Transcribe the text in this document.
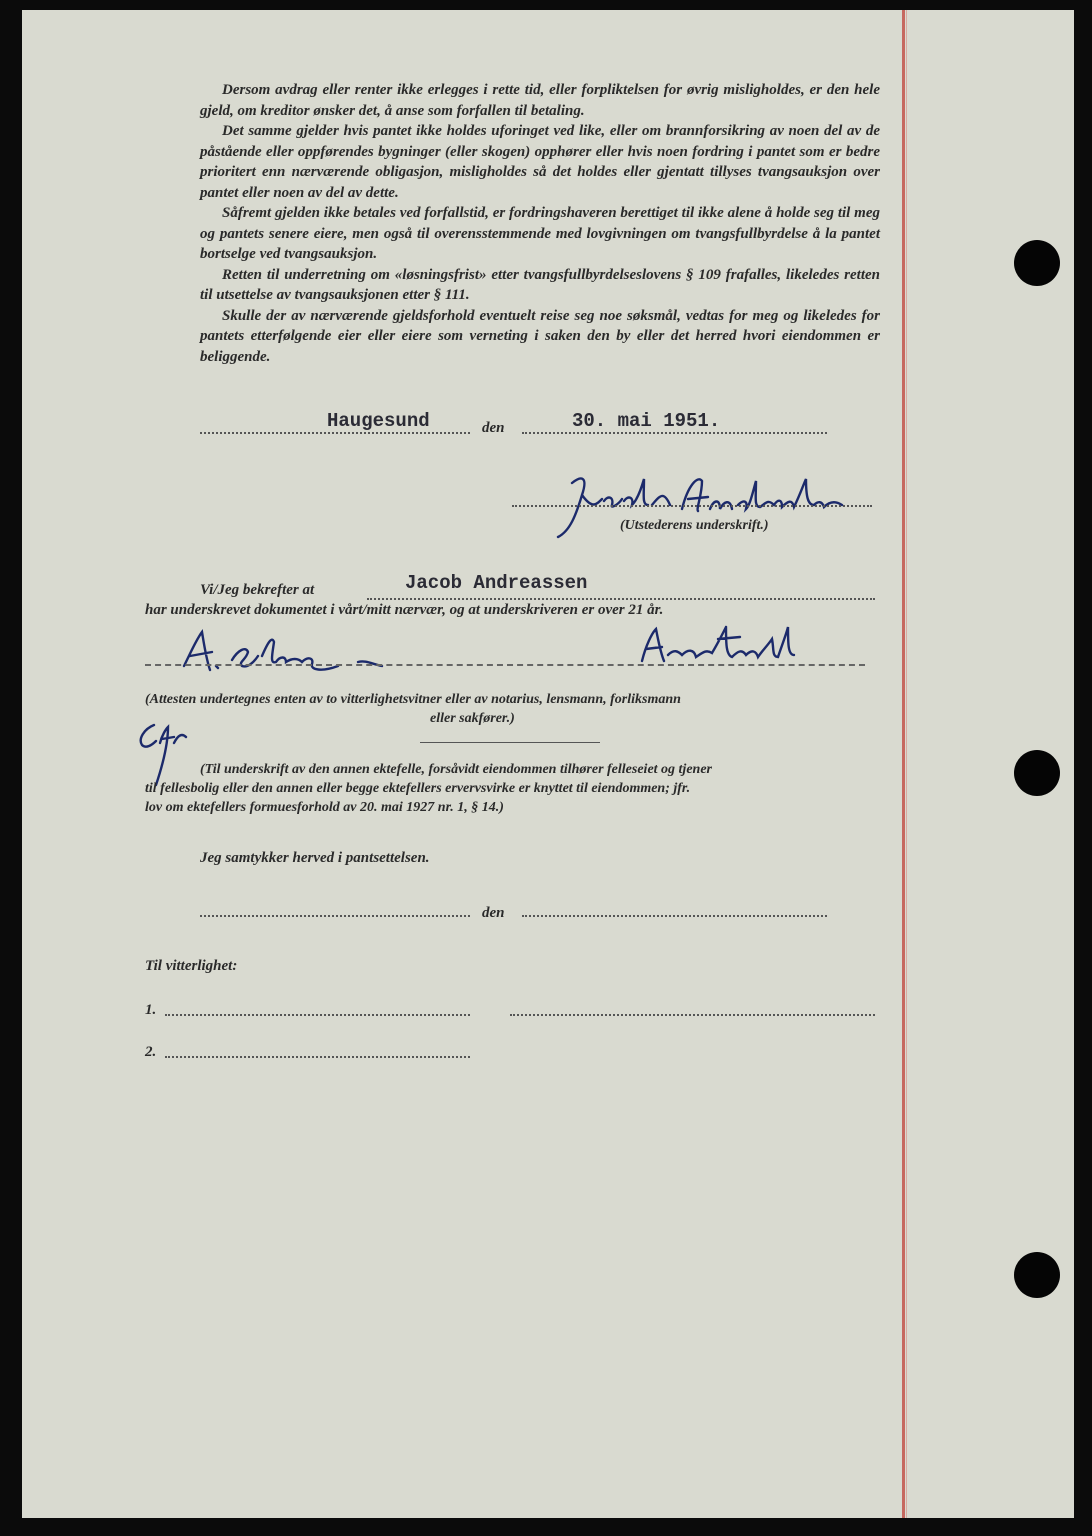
Dersom avdrag eller renter ikke erlegges i rette tid, eller forpliktelsen for øvrig misligholdes, er den hele gjeld, om kreditor ønsker det, å anse som forfallen til betaling.

Det samme gjelder hvis pantet ikke holdes uforinget ved like, eller om brannforsikring av noen del av de påstående eller oppførendes bygninger (eller skogen) opphører eller hvis noen fordring i pantet som er bedre prioritert enn nærværende obligasjon, misligholdes så det holdes eller gjentatt tillyses tvangsauksjon over pantet eller noen av del av dette.

Såfremt gjelden ikke betales ved forfallstid, er fordringshaveren berettiget til ikke alene å holde seg til meg og pantets senere eiere, men også til overensstemmende med lovgivningen om tvangsfullbyrdelse å la pantet bortselge ved tvangsauksjon.

Retten til underretning om «løsningsfrist» etter tvangsfullbyrdelseslovens § 109 frafalles, likeledes retten til utsettelse av tvangsauksjonen etter § 111.

Skulle der av nærværende gjeldsforhold eventuelt reise seg noe søksmål, vedtas for meg og likeledes for pantets etterfølgende eier eller eiere som verneting i saken den by eller det herred hvori eiendommen er beliggende.

Haugesund	den	30. mai 1951.
(Utstederens underskrift.)
Vi/Jeg bekrefter at	Jacob Andreassen
har underskrevet dokumentet i vårt/mitt nærvær, og at underskriveren er over 21 år.
(Attesten undertegnes enten av to vitterlighetsvitner eller av notarius, lensmann, forliksmann
eller sakfører.)
(Til underskrift av den annen ektefelle, forsåvidt eiendommen tilhører felleseiet og tjener
til fellesbolig eller den annen eller begge ektefellers ervervsvirke er knyttet til eiendommen; jfr.
lov om ektefellers formuesforhold av 20. mai 1927 nr. 1, § 14.)
Jeg samtykker herved i pantsettelsen.
den
Til vitterlighet:
1.
2.
